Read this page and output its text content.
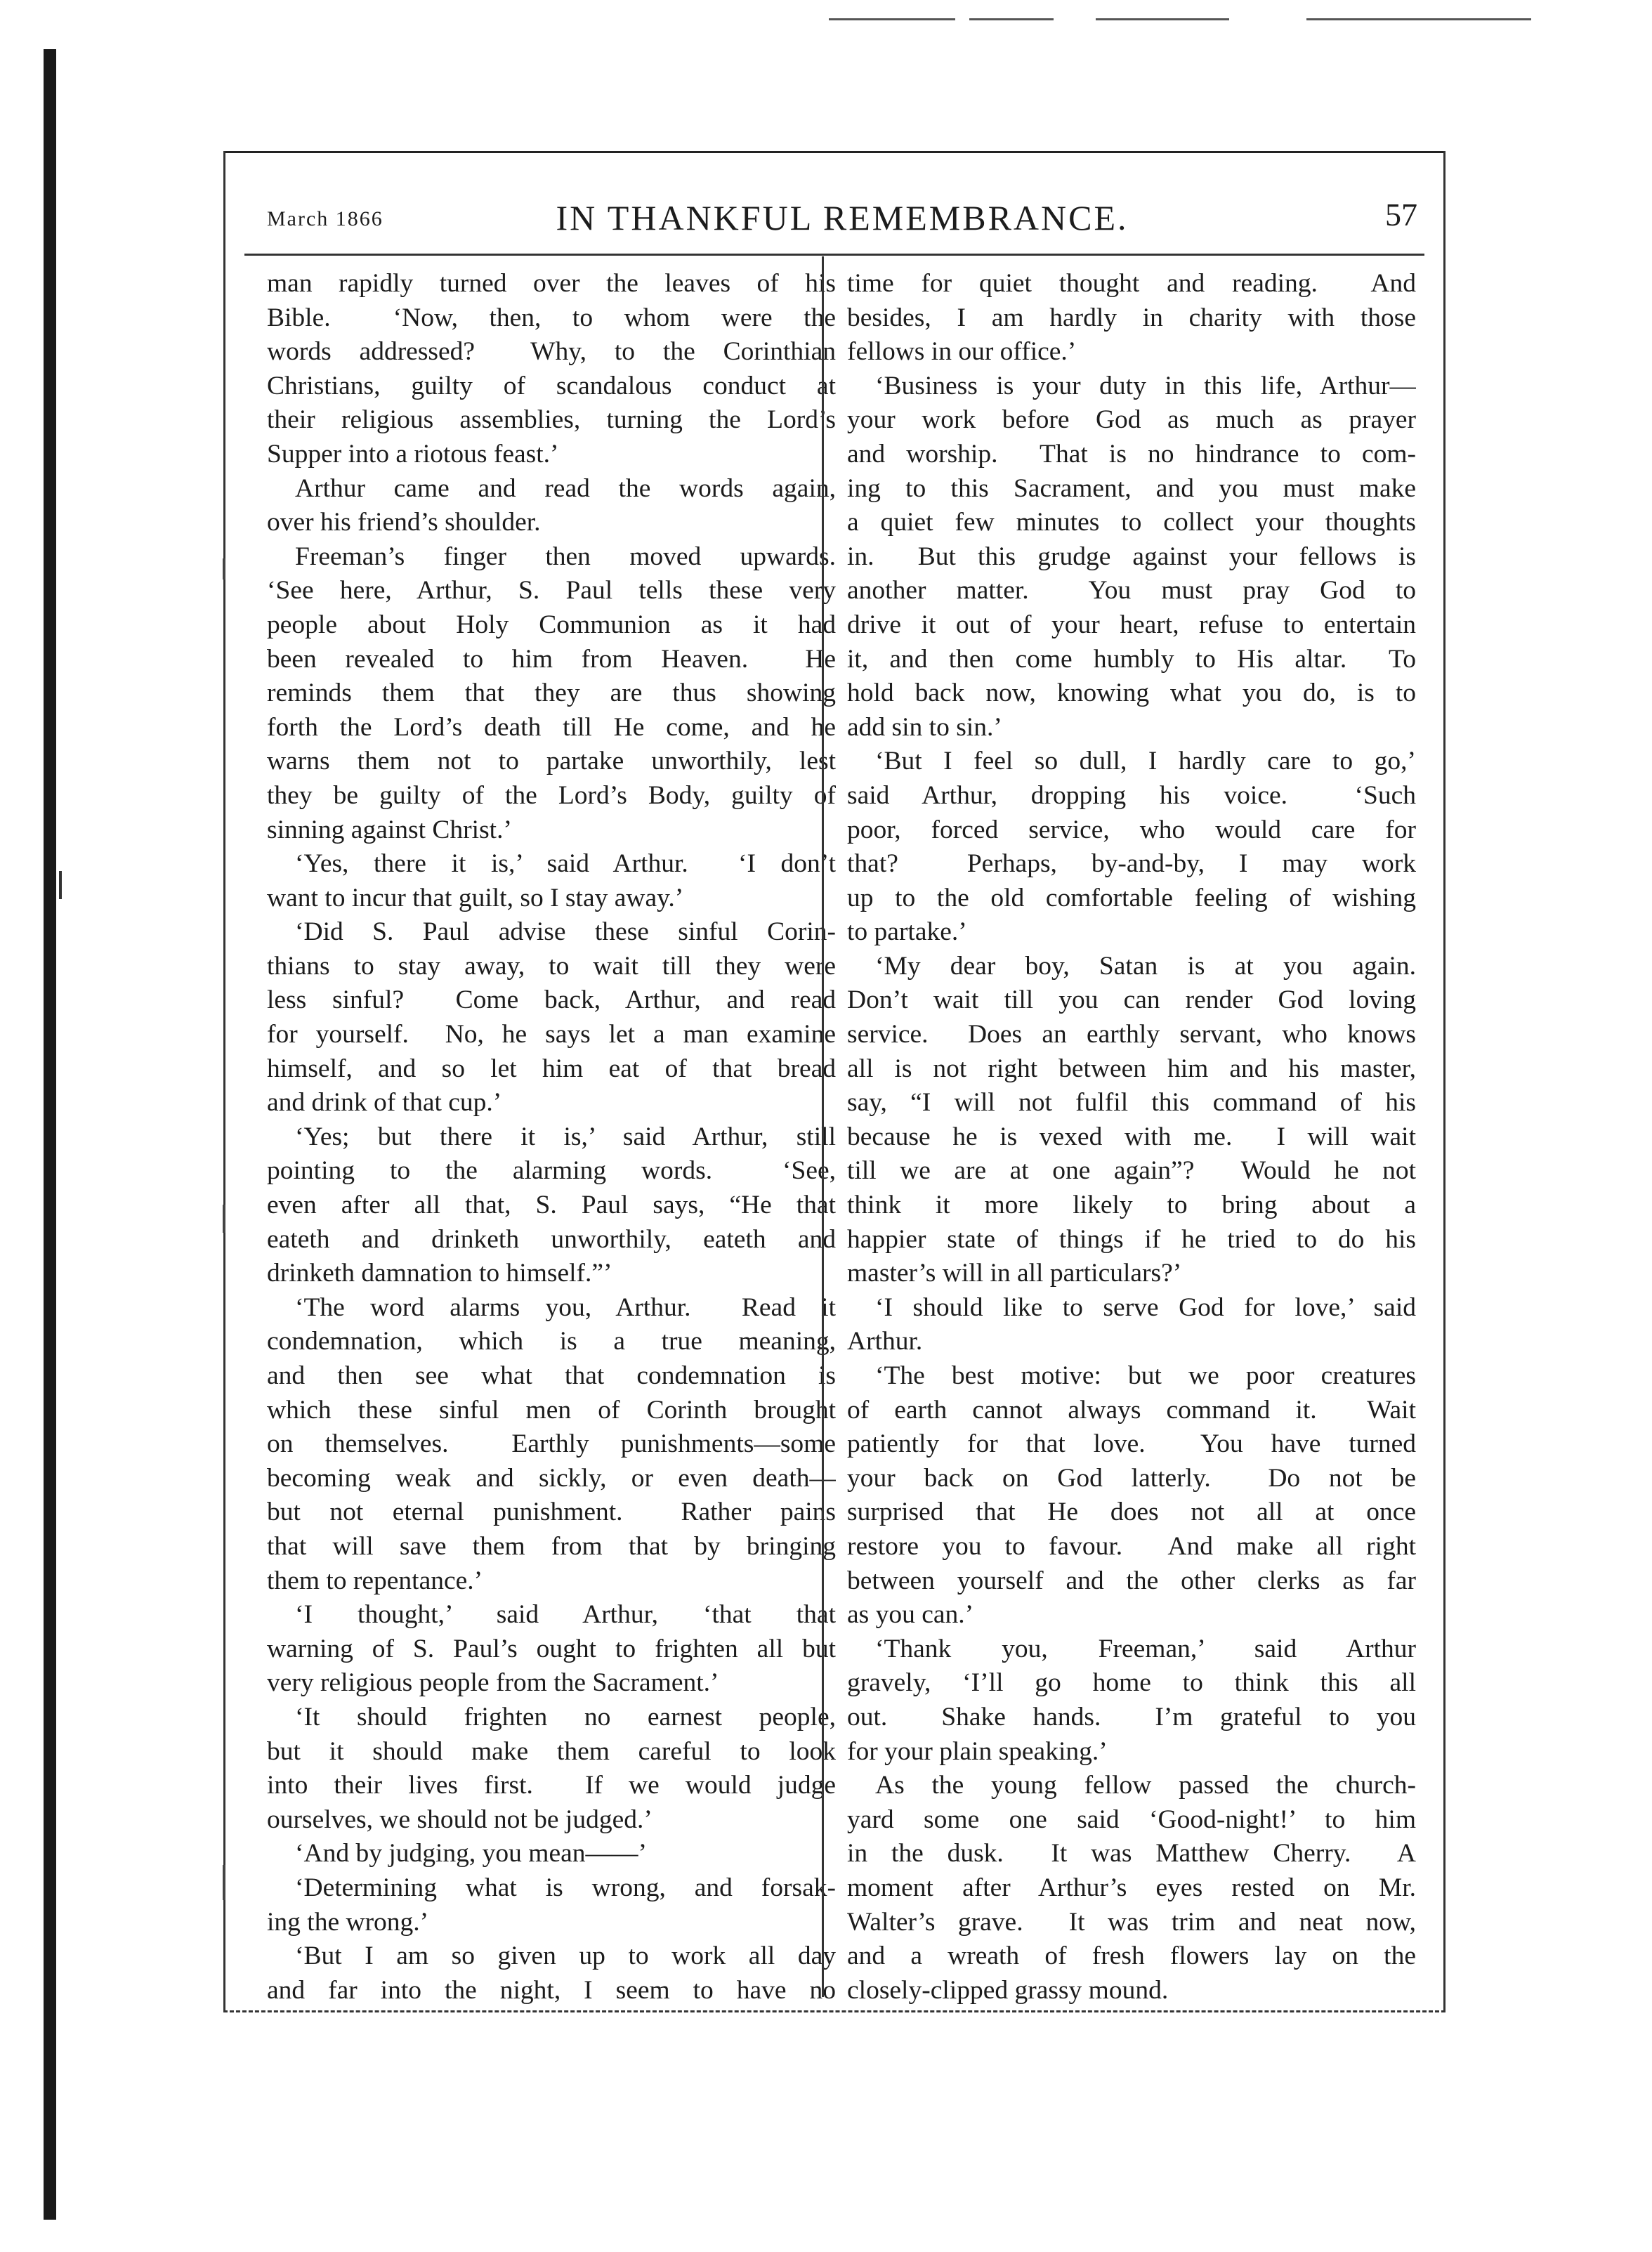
March 1866	IN THANKFUL REMEMBRANCE.	57
man rapidly turned over the leaves of his
Bible.  ‘Now, then, to whom were the
words addressed?  Why, to the Corinthian
Christians, guilty of scandalous conduct at
their religious assemblies, turning the Lord’s
Supper into a riotous feast.’
Arthur came and read the words again,
over his friend’s shoulder.
Freeman’s finger then moved upwards.
‘See here, Arthur, S. Paul tells these very
people about Holy Communion as it had
been revealed to him from Heaven.  He
reminds them that they are thus showing
forth the Lord’s death till He come, and he
warns them not to partake unworthily, lest
they be guilty of the Lord’s Body, guilty of
sinning against Christ.’
‘Yes, there it is,’ said Arthur.  ‘I don’t
want to incur that guilt, so I stay away.’
‘Did S. Paul advise these sinful Corin-
thians to stay away, to wait till they were
less sinful?  Come back, Arthur, and read
for yourself.  No, he says let a man examine
himself, and so let him eat of that bread
and drink of that cup.’
‘Yes; but there it is,’ said Arthur, still
pointing to the alarming words.  ‘See,
even after all that, S. Paul says, “He that
eateth and drinketh unworthily, eateth and
drinketh damnation to himself.”’
‘The word alarms you, Arthur.  Read it
condemnation, which is a true meaning,
and then see what that condemnation is
which these sinful men of Corinth brought
on themselves.  Earthly punishments—some
becoming weak and sickly, or even death—
but not eternal punishment.  Rather pains
that will save them from that by bringing
them to repentance.’
‘I thought,’ said Arthur, ‘that that
warning of S. Paul’s ought to frighten all but
very religious people from the Sacrament.’
‘It should frighten no earnest people,
but it should make them careful to look
into their lives first.  If we would judge
ourselves, we should not be judged.’
‘And by judging, you mean——’
‘Determining what is wrong, and forsak-
ing the wrong.’
‘But I am so given up to work all day
and far into the night, I seem to have no
time for quiet thought and reading.  And
besides, I am hardly in charity with those
fellows in our office.’
‘Business is your duty in this life, Arthur—
your work before God as much as prayer
and worship.  That is no hindrance to com-
ing to this Sacrament, and you must make
a quiet few minutes to collect your thoughts
in.  But this grudge against your fellows is
another matter.  You must pray God to
drive it out of your heart, refuse to entertain
it, and then come humbly to His altar.  To
hold back now, knowing what you do, is to
add sin to sin.’
‘But I feel so dull, I hardly care to go,’
said Arthur, dropping his voice.  ‘Such
poor, forced service, who would care for
that?  Perhaps, by-and-by, I may work
up to the old comfortable feeling of wishing
to partake.’
‘My dear boy, Satan is at you again.
Don’t wait till you can render God loving
service.  Does an earthly servant, who knows
all is not right between him and his master,
say, “I will not fulfil this command of his
because he is vexed with me.  I will wait
till we are at one again”?  Would he not
think it more likely to bring about a
happier state of things if he tried to do his
master’s will in all particulars?’
‘I should like to serve God for love,’ said
Arthur.
‘The best motive: but we poor creatures
of earth cannot always command it.  Wait
patiently for that love.  You have turned
your back on God latterly.  Do not be
surprised that He does not all at once
restore you to favour.  And make all right
between yourself and the other clerks as far
as you can.’
‘Thank you, Freeman,’ said Arthur
gravely, ‘I’ll go home to think this all
out.  Shake hands.  I’m grateful to you
for your plain speaking.’
As the young fellow passed the church-
yard some one said ‘Good-night!’ to him
in the dusk.  It was Matthew Cherry.  A
moment after Arthur’s eyes rested on Mr.
Walter’s grave.  It was trim and neat now,
and a wreath of fresh flowers lay on the
closely-clipped grassy mound.
